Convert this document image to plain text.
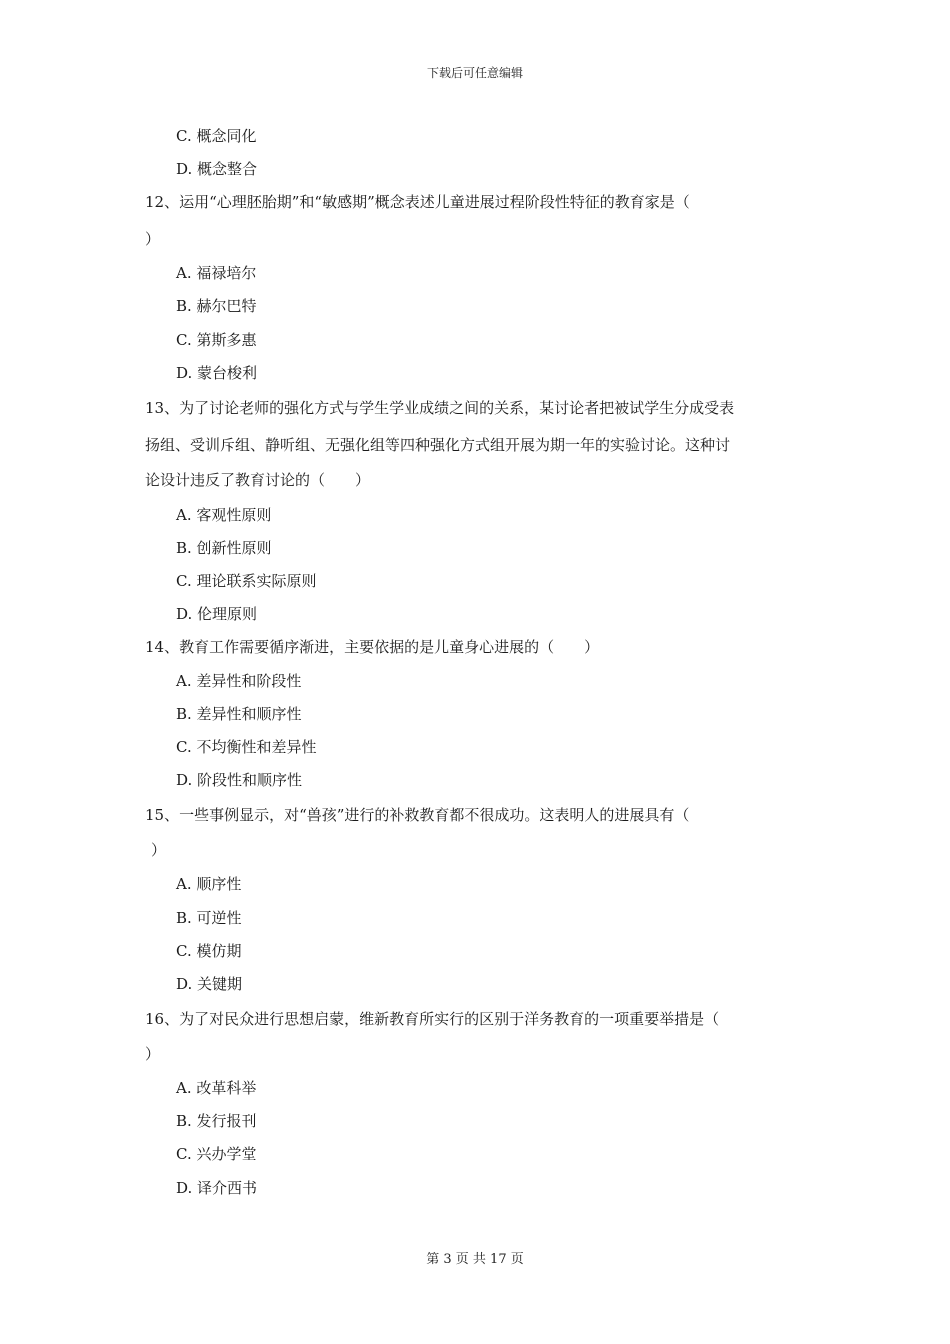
下载后可任意编辑
C. 概念同化
D. 概念整合
12、运用“心理胚胎期”和“敏感期”概念表述儿童进展过程阶段性特征的教育家是（
）
A. 福禄培尔
B. 赫尔巴特
C. 第斯多惠
D. 蒙台梭利
13、为了讨论老师的强化方式与学生学业成绩之间的关系，某讨论者把被试学生分成受表
扬组、受训斥组、静听组、无强化组等四种强化方式组开展为期一年的实验讨论。这种讨
论设计违反了教育讨论的（　　）
A. 客观性原则
B. 创新性原则
C. 理论联系实际原则
D. 伦理原则
14、教育工作需要循序渐进，主要依据的是儿童身心进展的（　　）
A. 差异性和阶段性
B. 差异性和顺序性
C. 不均衡性和差异性
D. 阶段性和顺序性
15、一些事例显示，对“兽孩”进行的补救教育都不很成功。这表明人的进展具有（
）
A. 顺序性
B. 可逆性
C. 模仿期
D. 关键期
16、为了对民众进行思想启蒙，维新教育所实行的区别于洋务教育的一项重要举措是（
）
A. 改革科举
B. 发行报刊
C. 兴办学堂
D. 译介西书
第 3 页 共 17 页
